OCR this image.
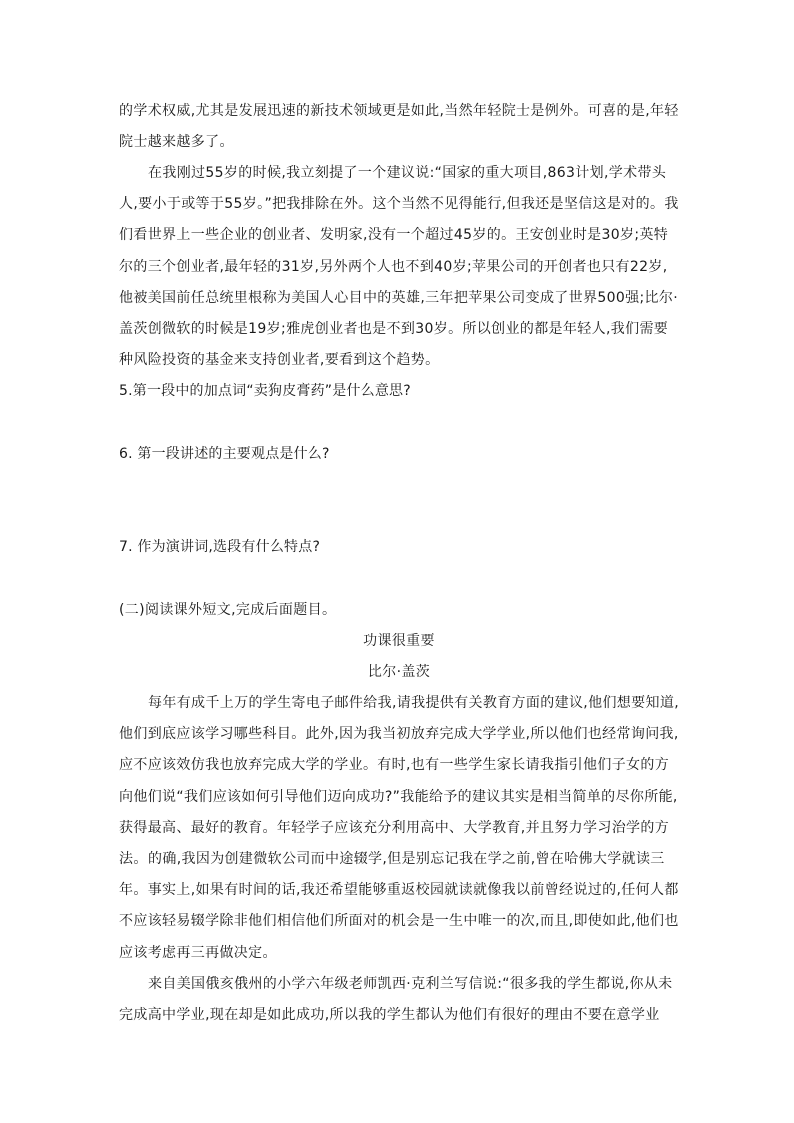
的学术权威,尤其是发展迅速的新技术领域更是如此,当然年轻院士是例外。可喜的是,年轻院士越来越多了。

在我刚过55岁的时候,我立刻提了一个建议说:“国家的重大项目,863计划,学术带头人,要小于或等于55岁。”把我排除在外。这个当然不见得能行,但我还是坚信这是对的。我们看世界上一些企业的创业者、发明家,没有一个超过45岁的。王安创业时是30岁;英特尔的三个创业者,最年轻的31岁,另外两个人也不到40岁;苹果公司的开创者也只有22岁,他被美国前任总统里根称为美国人心目中的英雄,三年把苹果公司变成了世界500强;比尔·盖茨创微软的时候是19岁;雅虎创业者也是不到30岁。所以创业的都是年轻人,我们需要种风险投资的基金来支持创业者,要看到这个趋势。

5.第一段中的加点词“卖狗皮膏药”是什么意思?

6. 第一段讲述的主要观点是什么?

7. 作为演讲词,选段有什么特点?

(二)阅读课外短文,完成后面题目。

功课很重要

比尔·盖茨

每年有成千上万的学生寄电子邮件给我,请我提供有关教育方面的建议,他们想要知道,他们到底应该学习哪些科目。此外,因为我当初放弃完成大学学业,所以他们也经常询问我,应不应该效仿我也放弃完成大学的学业。有时,也有一些学生家长请我指引他们子女的方向他们说“我们应该如何引导他们迈向成功?”我能给予的建议其实是相当简单的尽你所能,获得最高、最好的教育。年轻学子应该充分利用高中、大学教育,并且努力学习治学的方法。 的确,我因为创建微软公司而中途辍学,但是别忘记我在学之前,曾在哈佛大学就读三年。事实上,如果有时间的话,我还希望能够重返校园就读就像我以前曾经说过的,任何人都不应该轻易辍学除非他们相信他们所面对的机会是一生中唯一的次,而且,即使如此,他们也应该考虑再三再做决定。

来自美国俄亥俄州的小学六年级老师凯西·克利兰写信说:“很多我的学生都说,你从未完成高中学业,现在却是如此成功,所以我的学生都认为他们有很好的理由不要在意学业
